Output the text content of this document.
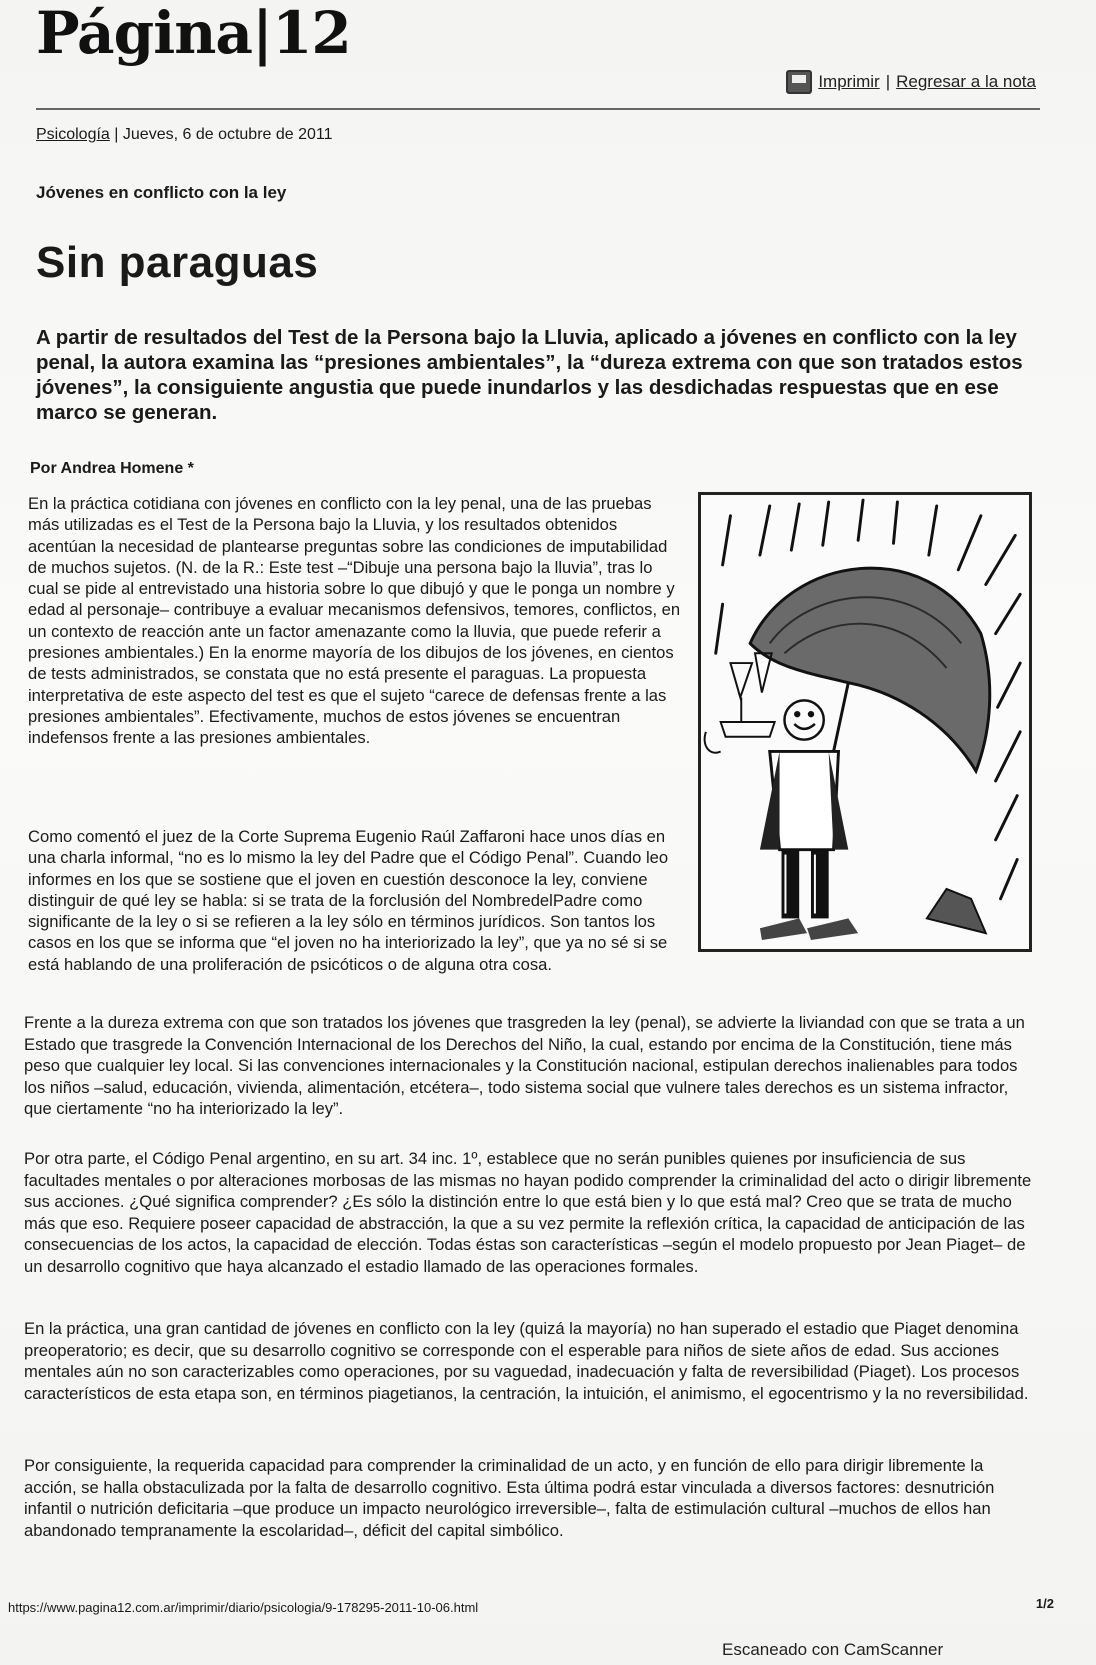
Página|12
Imprimir | Regresar a la nota
Psicología | Jueves, 6 de octubre de 2011
Jóvenes en conflicto con la ley
Sin paraguas
A partir de resultados del Test de la Persona bajo la Lluvia, aplicado a jóvenes en conflicto con la ley penal, la autora examina las “presiones ambientales”, la “dureza extrema con que son tratados estos jóvenes”, la consiguiente angustia que puede inundarlos y las desdichadas respuestas que en ese marco se generan.
Por Andrea Homene *
En la práctica cotidiana con jóvenes en conflicto con la ley penal, una de las pruebas más utilizadas es el Test de la Persona bajo la Lluvia, y los resultados obtenidos acentúan la necesidad de plantearse preguntas sobre las condiciones de imputabilidad de muchos sujetos. (N. de la R.: Este test –“Dibuje una persona bajo la lluvia”, tras lo cual se pide al entrevistado una historia sobre lo que dibujó y que le ponga un nombre y edad al personaje– contribuye a evaluar mecanismos defensivos, temores, conflictos, en un contexto de reacción ante un factor amenazante como la lluvia, que puede referir a presiones ambientales.) En la enorme mayoría de los dibujos de los jóvenes, en cientos de tests administrados, se constata que no está presente el paraguas. La propuesta interpretativa de este aspecto del test es que el sujeto “carece de defensas frente a las presiones ambientales”. Efectivamente, muchos de estos jóvenes se encuentran indefensos frente a las presiones ambientales.
Como comentó el juez de la Corte Suprema Eugenio Raúl Zaffaroni hace unos días en una charla informal, “no es lo mismo la ley del Padre que el Código Penal”. Cuando leo informes en los que se sostiene que el joven en cuestión desconoce la ley, conviene distinguir de qué ley se habla: si se trata de la forclusión del NombredelPadre como significante de la ley o si se refieren a la ley sólo en términos jurídicos. Son tantos los casos en los que se informa que “el joven no ha interiorizado la ley”, que ya no sé si se está hablando de una proliferación de psicóticos o de alguna otra cosa.
Frente a la dureza extrema con que son tratados los jóvenes que trasgreden la ley (penal), se advierte la liviandad con que se trata a un Estado que trasgrede la Convención Internacional de los Derechos del Niño, la cual, estando por encima de la Constitución, tiene más peso que cualquier ley local. Si las convenciones internacionales y la Constitución nacional, estipulan derechos inalienables para todos los niños –salud, educación, vivienda, alimentación, etcétera–, todo sistema social que vulnere tales derechos es un sistema infractor, que ciertamente “no ha interiorizado la ley”.
Por otra parte, el Código Penal argentino, en su art. 34 inc. 1º, establece que no serán punibles quienes por insuficiencia de sus facultades mentales o por alteraciones morbosas de las mismas no hayan podido comprender la criminalidad del acto o dirigir libremente sus acciones. ¿Qué significa comprender? ¿Es sólo la distinción entre lo que está bien y lo que está mal? Creo que se trata de mucho más que eso. Requiere poseer capacidad de abstracción, la que a su vez permite la reflexión crítica, la capacidad de anticipación de las consecuencias de los actos, la capacidad de elección. Todas éstas son características –según el modelo propuesto por Jean Piaget– de un desarrollo cognitivo que haya alcanzado el estadio llamado de las operaciones formales.
En la práctica, una gran cantidad de jóvenes en conflicto con la ley (quizá la mayoría) no han superado el estadio que Piaget denomina preoperatorio; es decir, que su desarrollo cognitivo se corresponde con el esperable para niños de siete años de edad. Sus acciones mentales aún no son caracterizables como operaciones, por su vaguedad, inadecuación y falta de reversibilidad (Piaget). Los procesos característicos de esta etapa son, en términos piagetianos, la centración, la intuición, el animismo, el egocentrismo y la no reversibilidad.
Por consiguiente, la requerida capacidad para comprender la criminalidad de un acto, y en función de ello para dirigir libremente la acción, se halla obstaculizada por la falta de desarrollo cognitivo. Esta última podrá estar vinculada a diversos factores: desnutrición infantil o nutrición deficitaria –que produce un impacto neurológico irreversible–, falta de estimulación cultural –muchos de ellos han abandonado tempranamente la escolaridad–, déficit del capital simbólico.
https://www.pagina12.com.ar/imprimir/diario/psicologia/9-178295-2011-10-06.html	1/2
Escaneado con CamScanner
